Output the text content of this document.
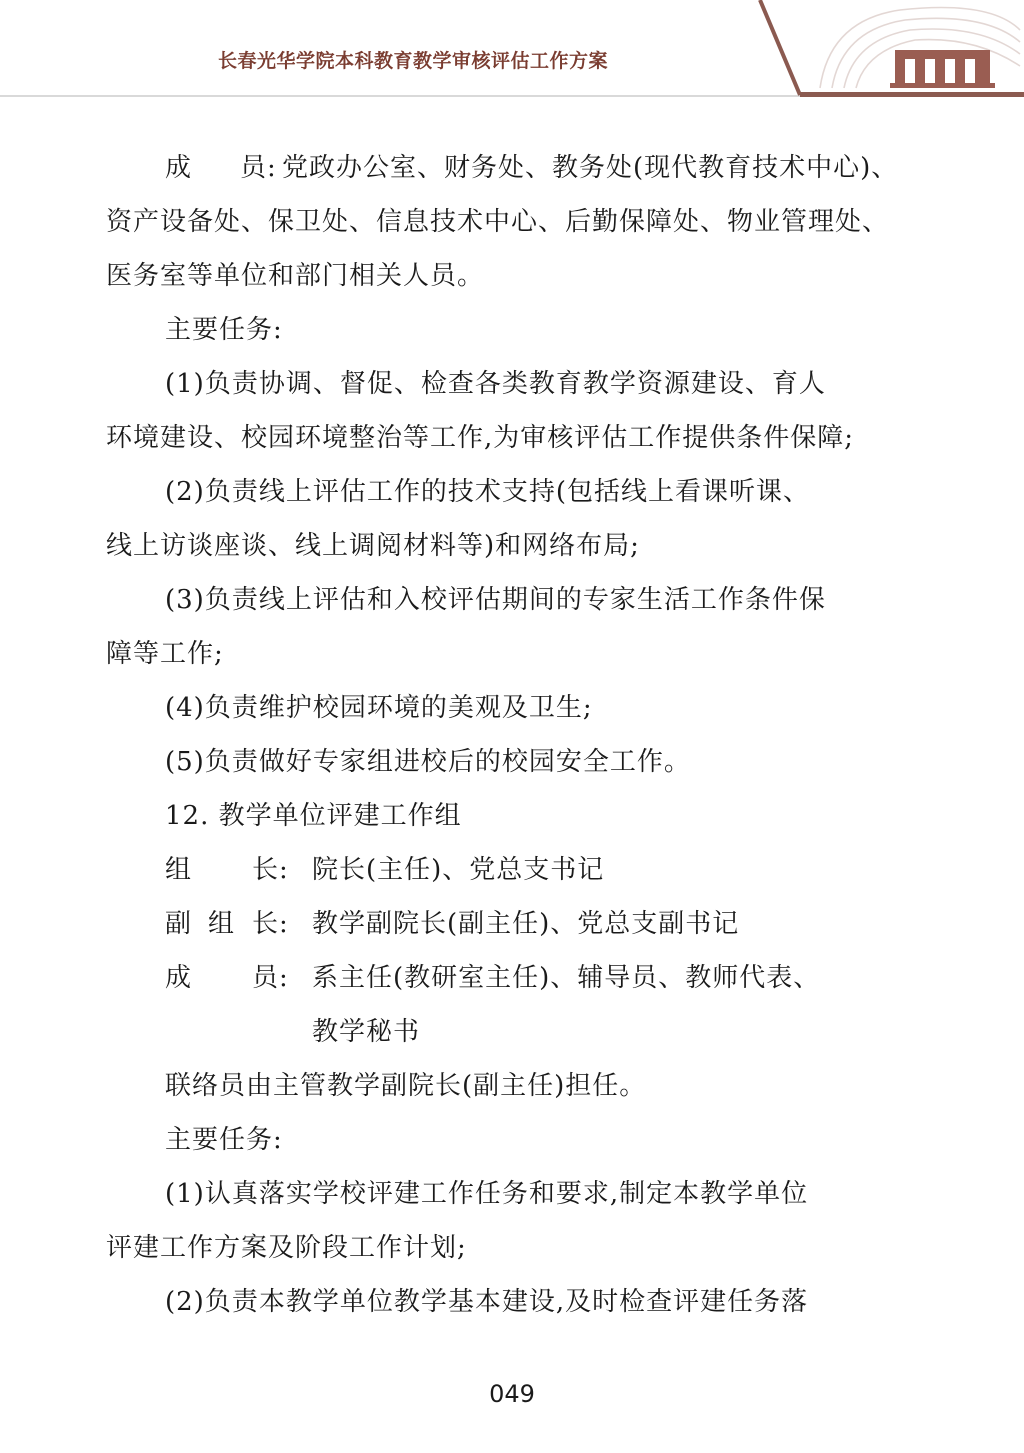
长春光华学院本科教育教学审核评估工作方案
成 员: 党政办公室、财务处、教务处(现代教育技术中心)、
资产设备处、保卫处、信息技术中心、后勤保障处、物业管理处、
医务室等单位和部门相关人员。
主要任务:
(1)负责协调、督促、检查各类教育教学资源建设、育人
环境建设、校园环境整治等工作,为审核评估工作提供条件保障;
(2)负责线上评估工作的技术支持(包括线上看课听课、
线上访谈座谈、线上调阅材料等)和网络布局;
(3)负责线上评估和入校评估期间的专家生活工作条件保
障等工作;
(4)负责维护校园环境的美观及卫生;
(5)负责做好专家组进校后的校园安全工作。
12. 教学单位评建工作组
组 长: 院长(主任)、党总支书记
副 组 长: 教学副院长(副主任)、党总支副书记
成 员: 系主任(教研室主任)、辅导员、教师代表、
教学秘书
联络员由主管教学副院长(副主任)担任。
主要任务:
(1)认真落实学校评建工作任务和要求,制定本教学单位
评建工作方案及阶段工作计划;
(2)负责本教学单位教学基本建设,及时检查评建任务落
049
